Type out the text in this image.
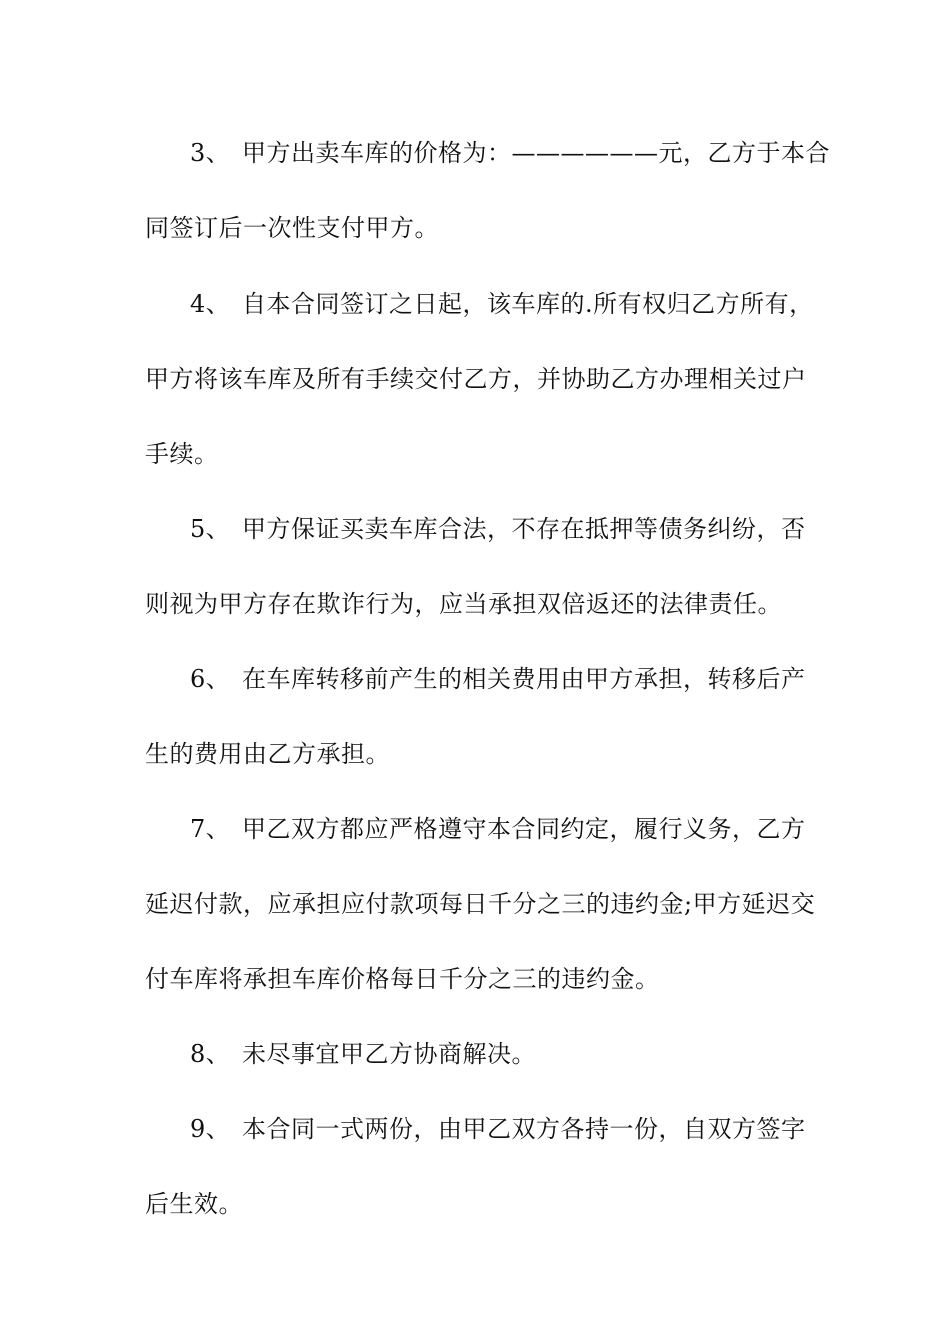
3、 甲方出卖车库的价格为：——————元，乙方于本合
同签订后一次性支付甲方。
4、 自本合同签订之日起，该车库的.所有权归乙方所有，
甲方将该车库及所有手续交付乙方，并协助乙方办理相关过户
手续。
5、 甲方保证买卖车库合法，不存在抵押等债务纠纷，否
则视为甲方存在欺诈行为，应当承担双倍返还的法律责任。
6、 在车库转移前产生的相关费用由甲方承担，转移后产
生的费用由乙方承担。
7、 甲乙双方都应严格遵守本合同约定，履行义务，乙方
延迟付款，应承担应付款项每日千分之三的违约金;甲方延迟交
付车库将承担车库价格每日千分之三的违约金。
8、 未尽事宜甲乙方协商解决。
9、 本合同一式两份，由甲乙双方各持一份，自双方签字
后生效。
